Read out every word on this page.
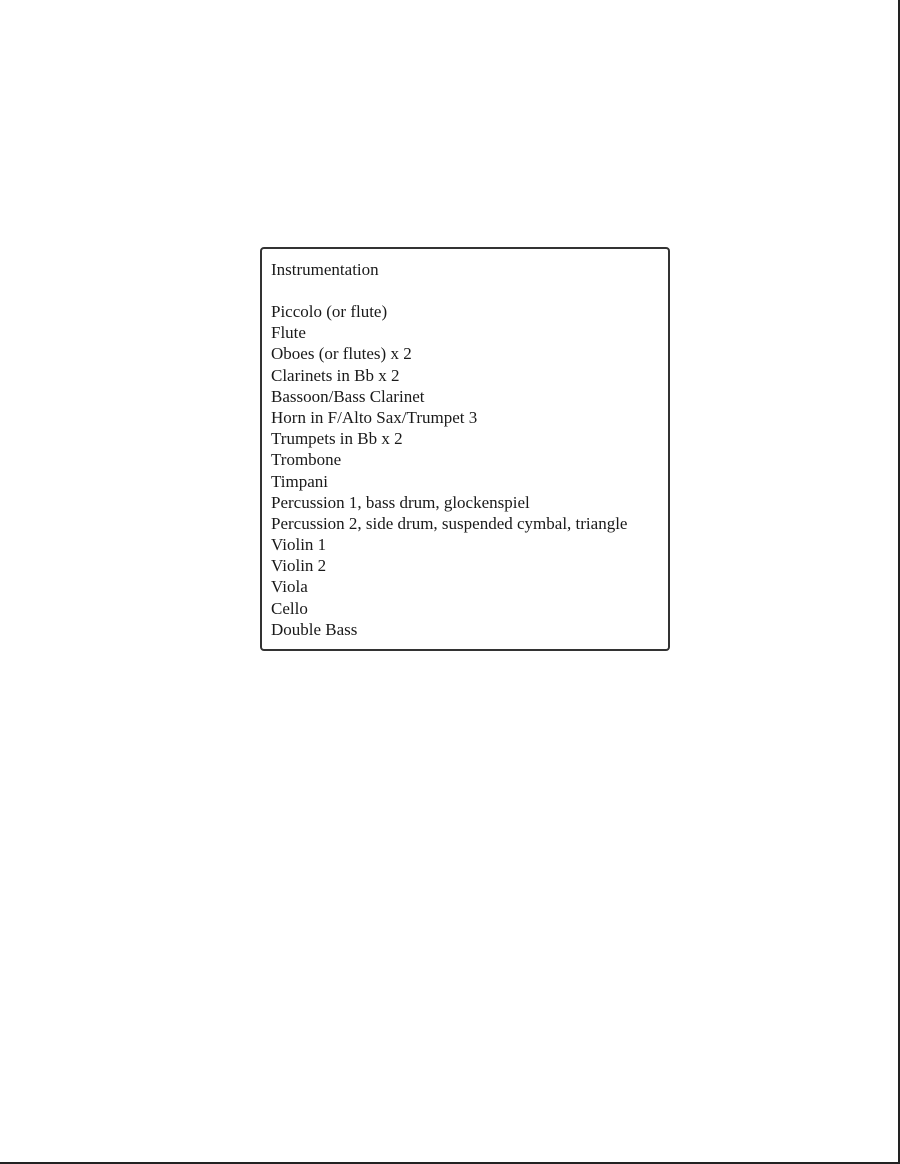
Instrumentation
Piccolo (or flute)
Flute
Oboes (or flutes) x 2
Clarinets in Bb x 2
Bassoon/Bass Clarinet
Horn in F/Alto Sax/Trumpet 3
Trumpets in Bb x 2
Trombone
Timpani
Percussion 1, bass drum, glockenspiel
Percussion 2, side drum, suspended cymbal, triangle
Violin 1
Violin 2
Viola
Cello
Double Bass
